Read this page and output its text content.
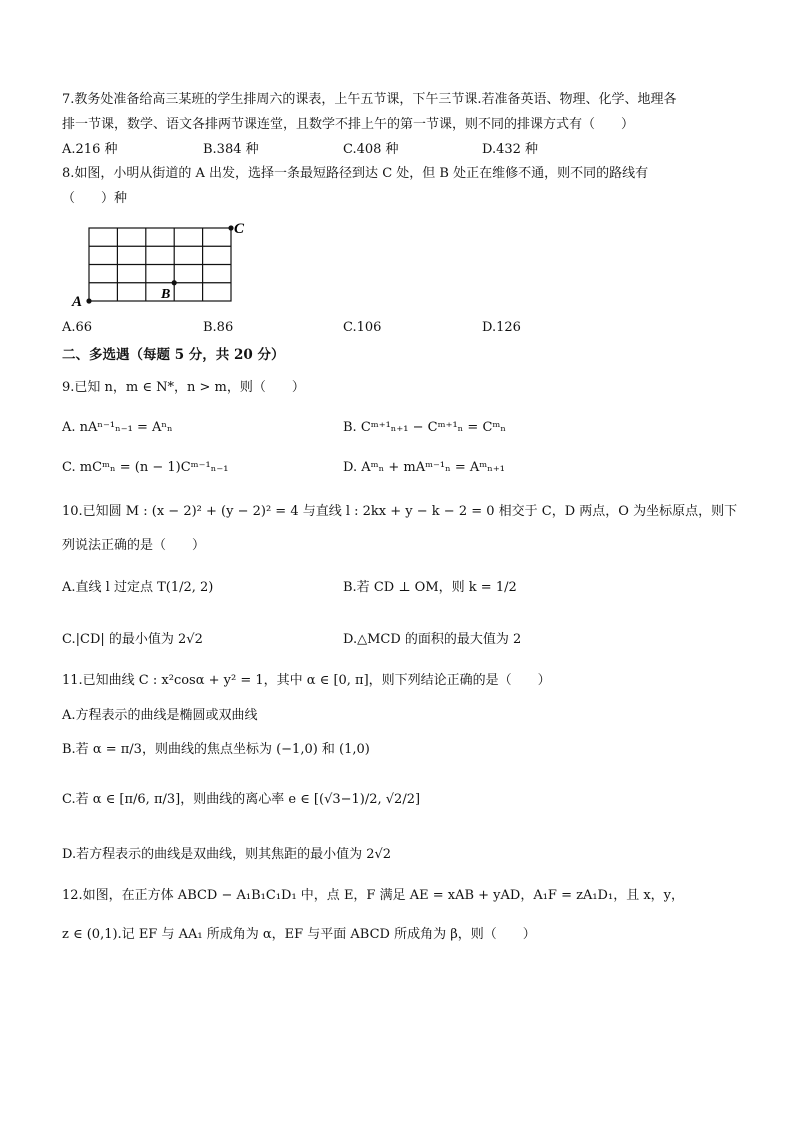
7.教务处准备给高三某班的学生排周六的课表，上午五节课，下午三节课.若准备英语、物理、化学、地理各
排一节课，数学、语文各排两节课连堂，且数学不排上午的第一节课，则不同的排课方式有（　　）
A.216 种	B.384 种	C.408 种	D.432 种
8.如图，小明从街道的 A 出发，选择一条最短路径到达 C 处，但 B 处正在维修不通，则不同的路线有
（　　）种
A	B
C
A.66	B.86	C.106	D.126
二、多选遇（每题 5 分，共 20 分）
9.已知 n，m ∈ N*，n > m，则（　　）
A. nAⁿ⁻¹ₙ₋₁ = Aⁿₙ	B. Cᵐ⁺¹ₙ₊₁ − Cᵐ⁺¹ₙ = Cᵐₙ
C. mCᵐₙ = (n − 1)Cᵐ⁻¹ₙ₋₁	D. Aᵐₙ + mAᵐ⁻¹ₙ = Aᵐₙ₊₁
10.已知圆 M : (x − 2)² + (y − 2)² = 4 与直线 l : 2kx + y − k − 2 = 0 相交于 C，D 两点，O 为坐标原点，则下
列说法正确的是（　　）
A.直线 l 过定点 T(1/2, 2)	B.若 CD ⊥ OM，则 k = 1/2
C.|CD| 的最小值为 2√2	D.△MCD 的面积的最大值为 2
11.已知曲线 C : x²cosα + y² = 1，其中 α ∈ [0, π]，则下列结论正确的是（　　）
A.方程表示的曲线是椭圆或双曲线
B.若 α = π/3，则曲线的焦点坐标为 (−1,0) 和 (1,0)
C.若 α ∈ [π/6, π/3]，则曲线的离心率 e ∈ [(√3−1)/2, √2/2]
D.若方程表示的曲线是双曲线，则其焦距的最小值为 2√2
12.如图，在正方体 ABCD − A₁B₁C₁D₁ 中，点 E，F 满足 AE = xAB + yAD，A₁F = zA₁D₁，且 x，y，
z ∈ (0,1).记 EF 与 AA₁ 所成角为 α，EF 与平面 ABCD 所成角为 β，则（　　）
